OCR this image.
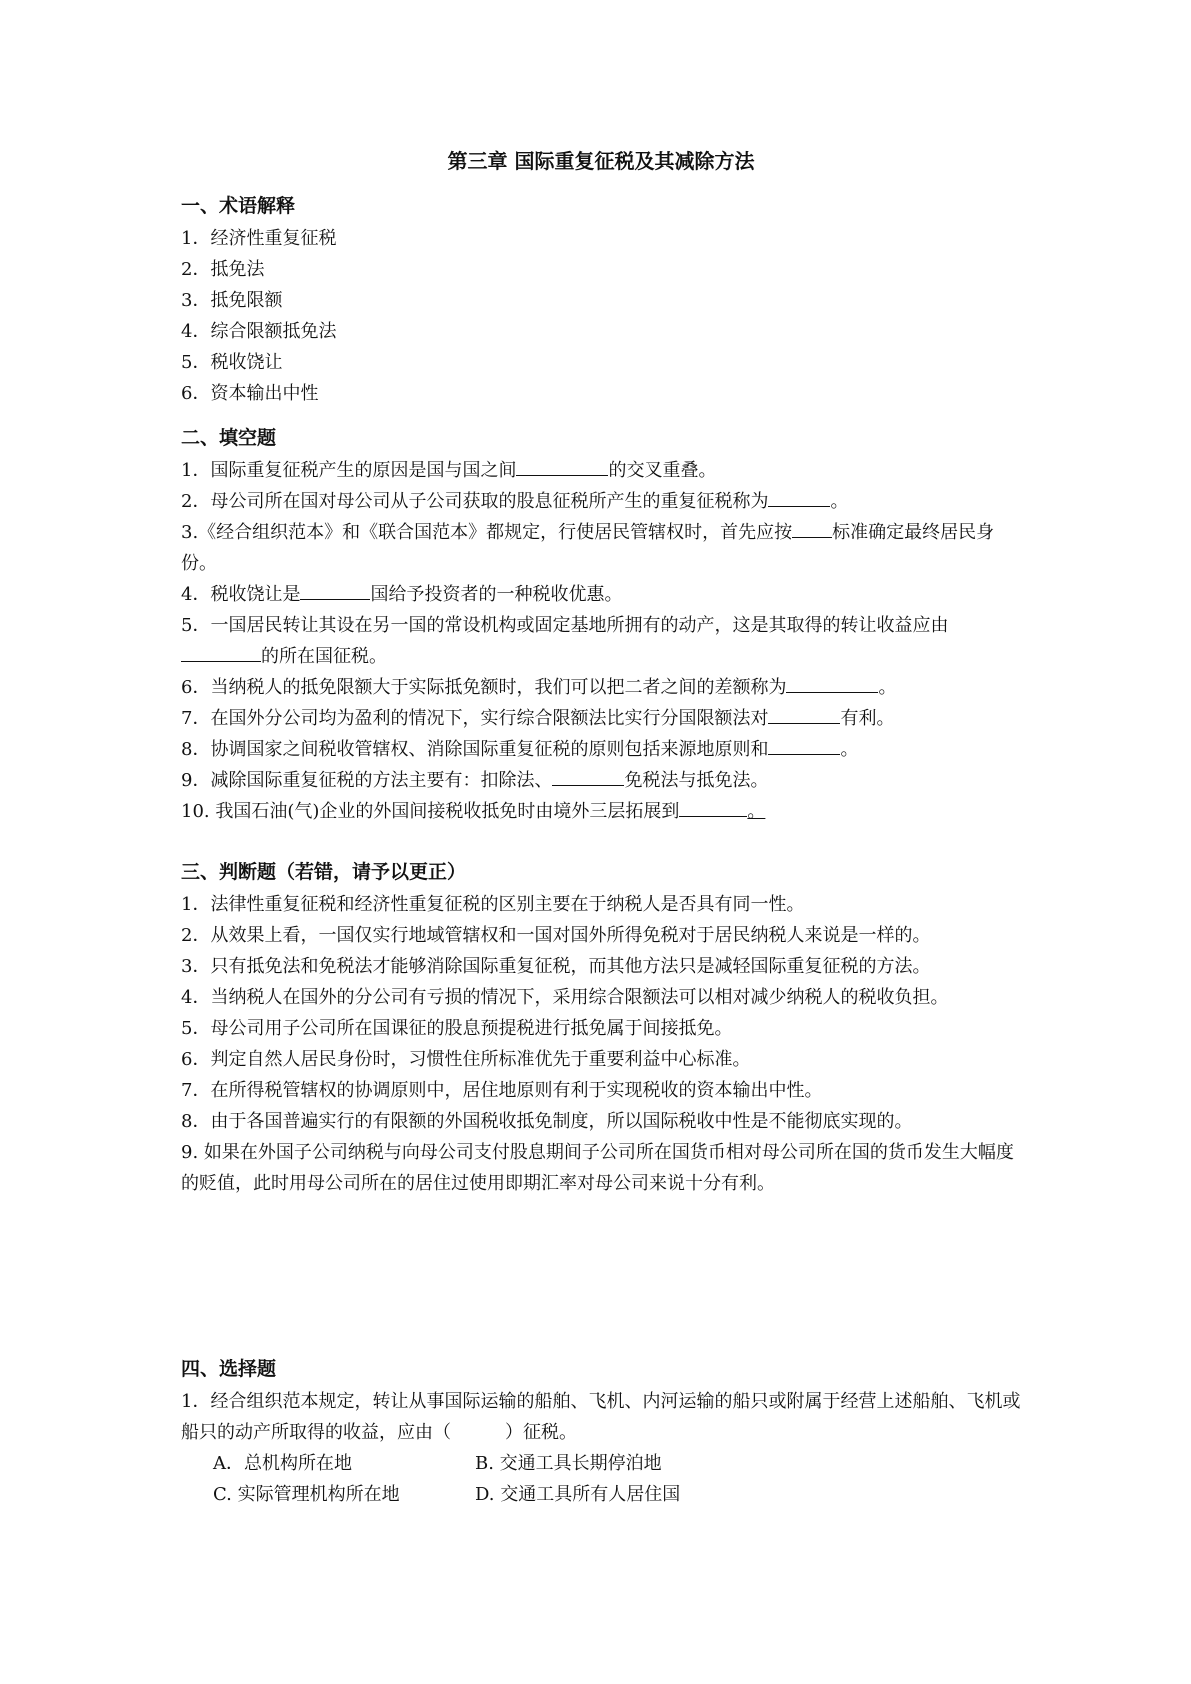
第三章 国际重复征税及其减除方法

一、术语解释

1．经济性重复征税

2．抵免法

3．抵免限额

4．综合限额抵免法

5．税收饶让

6．资本输出中性

二、填空题

1．国际重复征税产生的原因是国与国之间	的交叉重叠。

2．母公司所在国对母公司从子公司获取的股息征税所产生的重复征税称为	。

3.《经合组织范本》和《联合国范本》都规定，行使居民管辖权时，首先应按 标准确定最终居民身份。

4．税收饶让是	国给予投资者的一种税收优惠。

5．一国居民转让其设在另一国的常设机构或固定基地所拥有的动产，这是其取得的转让收益应由的所在国征税。

6．当纳税人的抵免限额大于实际抵免额时，我们可以把二者之间的差额称为	。

7．在国外分公司均为盈利的情况下，实行综合限额法比实行分国限额法对	有利。

8．协调国家之间税收管辖权、消除国际重复征税的原则包括来源地原则和	。

9．减除国际重复征税的方法主要有：扣除法、	免税法与抵免法。

10. 我国石油(气)企业的外国间接税收抵免时由境外三层拓展到	。

三、判断题（若错，请予以更正）

1．法律性重复征税和经济性重复征税的区别主要在于纳税人是否具有同一性。

2．从效果上看，一国仅实行地域管辖权和一国对国外所得免税对于居民纳税人来说是一样的。

3．只有抵免法和免税法才能够消除国际重复征税，而其他方法只是减轻国际重复征税的方法。

4．当纳税人在国外的分公司有亏损的情况下，采用综合限额法可以相对减少纳税人的税收负担。

5．母公司用子公司所在国课征的股息预提税进行抵免属于间接抵免。

6．判定自然人居民身份时，习惯性住所标准优先于重要利益中心标准。

7．在所得税管辖权的协调原则中，居住地原则有利于实现税收的资本输出中性。

8．由于各国普遍实行的有限额的外国税收抵免制度，所以国际税收中性是不能彻底实现的。

9. 如果在外国子公司纳税与向母公司支付股息期间子公司所在国货币相对母公司所在国的货币发生大幅度的贬值，此时用母公司所在的居住过使用即期汇率对母公司来说十分有利。

四、选择题

1．经合组织范本规定，转让从事国际运输的船舶、飞机、内河运输的船只或附属于经营上述船舶、飞机或船只的动产所取得的收益，应由（　　　）征税。

A．总机构所在地	B. 交通工具长期停泊地
C. 实际管理机构所在地	D. 交通工具所有人居住国
